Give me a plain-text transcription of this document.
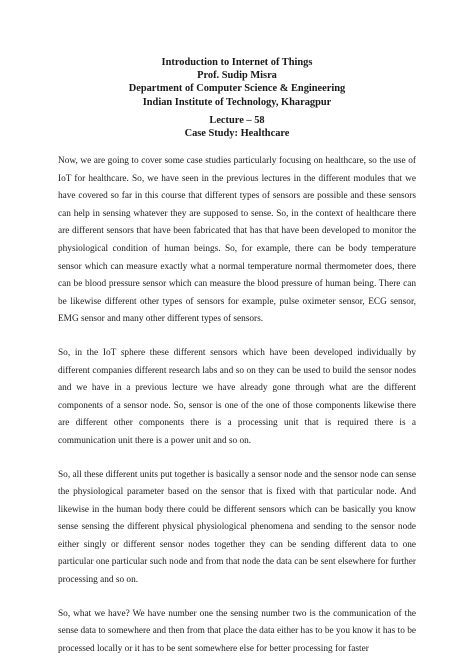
Introduction to Internet of Things
Prof. Sudip Misra
Department of Computer Science & Engineering
Indian Institute of Technology, Kharagpur
Lecture – 58
Case Study: Healthcare

Now, we are going to cover some case studies particularly focusing on healthcare, so the use of IoT for healthcare. So, we have seen in the previous lectures in the different modules that we have covered so far in this course that different types of sensors are possible and these sensors can help in sensing whatever they are supposed to sense. So, in the context of healthcare there are different sensors that have been fabricated that has that have been developed to monitor the physiological condition of human beings. So, for example, there can be body temperature sensor which can measure exactly what a normal temperature normal thermometer does, there can be blood pressure sensor which can measure the blood pressure of human being. There can be likewise different other types of sensors for example, pulse oximeter sensor, ECG sensor, EMG sensor and many other different types of sensors.

So, in the IoT sphere these different sensors which have been developed individually by different companies different research labs and so on they can be used to build the sensor nodes and we have in a previous lecture we have already gone through what are the different components of a sensor node. So, sensor is one of the one of those components likewise there are different other components there is a processing unit that is required there is a communication unit there is a power unit and so on.

So, all these different units put together is basically a sensor node and the sensor node can sense the physiological parameter based on the sensor that is fixed with that particular node. And likewise in the human body there could be different sensors which can be basically you know sense sensing the different physical physiological phenomena and sending to the sensor node either singly or different sensor nodes together they can be sending different data to one particular one particular such node and from that node the data can be sent elsewhere for further processing and so on.

So, what we have? We have number one the sensing number two is the communication of the sense data to somewhere and then from that place the data either has to be you know it has to be processed locally or it has to be sent somewhere else for better processing for faster
